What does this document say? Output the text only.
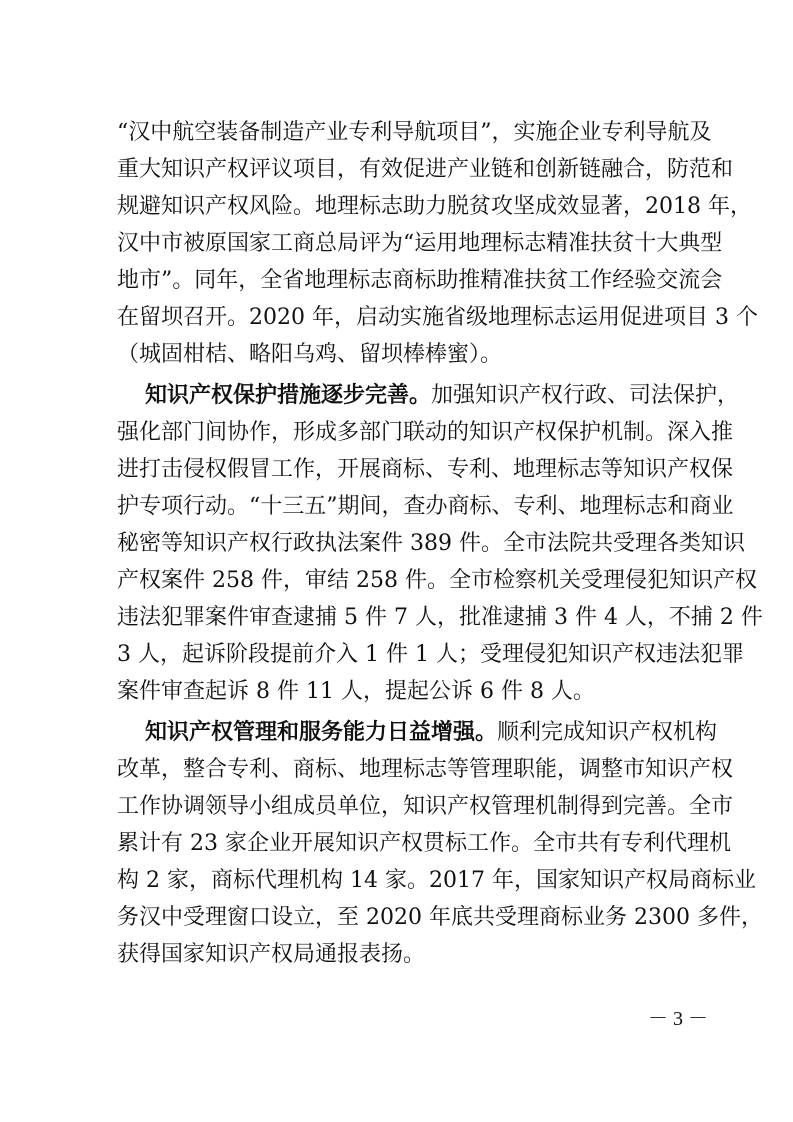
“汉中航空装备制造产业专利导航项目”，实施企业专利导航及
重大知识产权评议项目，有效促进产业链和创新链融合，防范和
规避知识产权风险。地理标志助力脱贫攻坚成效显著，2018 年，
汉中市被原国家工商总局评为“运用地理标志精准扶贫十大典型
地市”。同年，全省地理标志商标助推精准扶贫工作经验交流会
在留坝召开。2020 年，启动实施省级地理标志运用促进项目 3 个
（城固柑桔、略阳乌鸡、留坝棒棒蜜）。

知识产权保护措施逐步完善。加强知识产权行政、司法保护，
强化部门间协作，形成多部门联动的知识产权保护机制。深入推
进打击侵权假冒工作，开展商标、专利、地理标志等知识产权保
护专项行动。“十三五”期间，查办商标、专利、地理标志和商业
秘密等知识产权行政执法案件 389 件。全市法院共受理各类知识
产权案件 258 件，审结 258 件。全市检察机关受理侵犯知识产权
违法犯罪案件审查逮捕 5 件 7 人，批准逮捕 3 件 4 人，不捕 2 件
3 人，起诉阶段提前介入 1 件 1 人；受理侵犯知识产权违法犯罪
案件审查起诉 8 件 11 人，提起公诉 6 件 8 人。

知识产权管理和服务能力日益增强。顺利完成知识产权机构
改革，整合专利、商标、地理标志等管理职能，调整市知识产权
工作协调领导小组成员单位，知识产权管理机制得到完善。全市
累计有 23 家企业开展知识产权贯标工作。全市共有专利代理机
构 2 家，商标代理机构 14 家。2017 年，国家知识产权局商标业
务汉中受理窗口设立，至 2020 年底共受理商标业务 2300 多件，
获得国家知识产权局通报表扬。

－ 3 －
